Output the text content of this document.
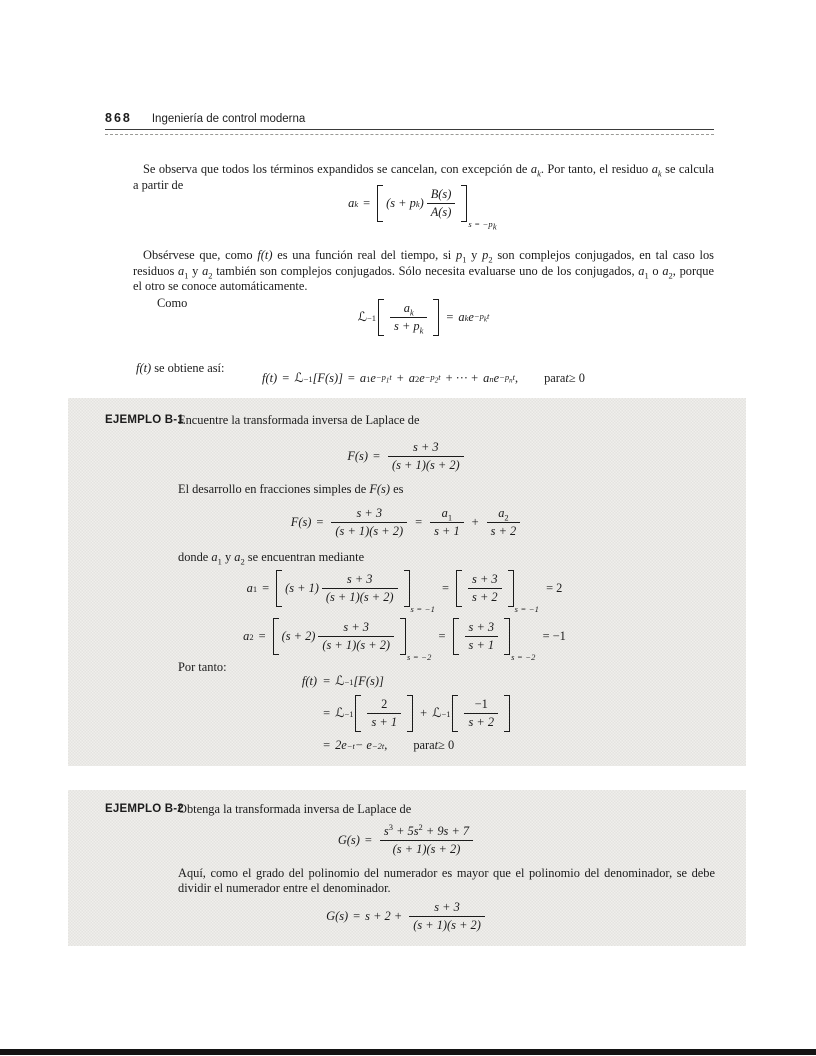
868 Ingeniería de control moderna

Se observa que todos los términos expandidos se cancelan, con excepción de $a_k$. Por tanto, el residuo $a_k$ se calcula a partir de

a k = (s + p k ) $\frac{B(s)}{A(s)}$
$s = -p_k$

Obsérvese que, como f(t) es una función real del tiempo, si $p_1$ y $p_2$ son complejos conjugados, en tal caso los residuos $a_1$ y $a_2$ también son complejos conjugados. Sólo necesita evaluarse uno de los conjugados, $a_1$ o $a_2$, porque el otro se conoce automáticamente.

Como

ℒ $-1 \frac{a_k}{s + p_k} = a$ k $e -p_kt$

f(t) se obtiene así:

f(t) = ℒ −1 [F(s)] = a 1 $e -p_1t + a$ 2 $e -p_2t$ + ··· + a n $e -p_nt$ , para t ≥ 0
EJEMPLO B-1

Encuentre la transformada inversa de Laplace de

$F(s) = \frac{s + 3}{(s + 1)(s + 2)}$

El desarrollo en fracciones simples de F(s) es

$F(s) = \frac{s + 3}{(s + 1)(s + 2)} = \frac{a_1}{s + 1} + \frac{a_2}{s + 2}$

donde $a_1$ y $a_2$ se encuentran mediante

a $1 = (s + 1) \frac{s + 3}{(s + 1)(s + 2)}$
s = −1
= $\frac{s + 3}{s + 2}$
s = −1
= 2
a $2 = (s + 2) \frac{s + 3}{(s + 1)(s + 2)}$
s = −2
= $\frac{s + 3}{s + 1}$
s = −2
= −1

Por tanto:

f(t) = ℒ −1 [F(s)]
= ℒ $-1 \frac{2}{s + 1}$ + ℒ $-1 \frac{-1}{s + 2}$
= 2e −t − e −2t , para t ≥ 0
EJEMPLO B-2

Obtenga la transformada inversa de Laplace de

$G(s) = \frac{s^3 + 5s^2 + 9s + 7}{(s + 1)(s + 2)}$

Aquí, como el grado del polinomio del numerador es mayor que el polinomio del denominador, se debe dividir el numerador entre el denominador.

$G(s) = s + 2 + \frac{s + 3}{(s + 1)(s + 2)}$
